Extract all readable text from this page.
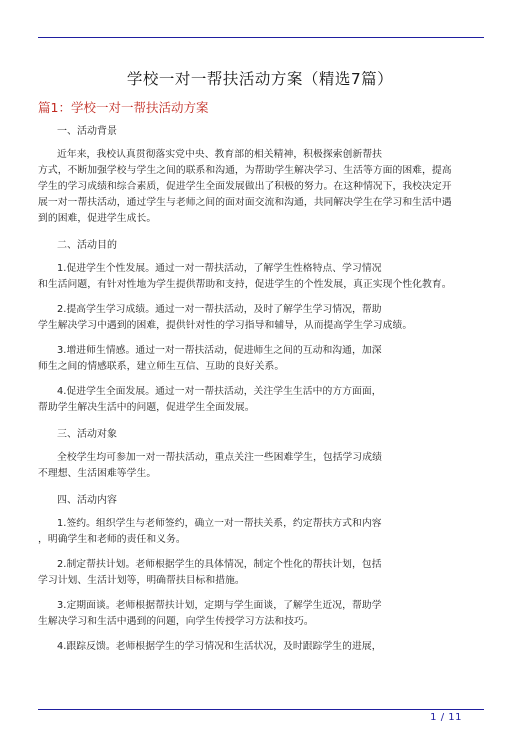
学校一对一帮扶活动方案（精选7篇）
篇1：学校一对一帮扶活动方案
一、活动背景
近年来，我校认真贯彻落实党中央、教育部的相关精神，积极探索创新帮扶
方式，不断加强学校与学生之间的联系和沟通，为帮助学生解决学习、生活等方面的困难，提高
学生的学习成绩和综合素质，促进学生全面发展做出了积极的努力。在这种情况下，我校决定开
展一对一帮扶活动，通过学生与老师之间的面对面交流和沟通，共同解决学生在学习和生活中遇
到的困难，促进学生成长。
二、活动目的
1.促进学生个性发展。通过一对一帮扶活动，了解学生性格特点、学习情况
和生活问题，有针对性地为学生提供帮助和支持，促进学生的个性发展，真正实现个性化教育。
2.提高学生学习成绩。通过一对一帮扶活动，及时了解学生学习情况，帮助
学生解决学习中遇到的困难，提供针对性的学习指导和辅导，从而提高学生学习成绩。
3.增进师生情感。通过一对一帮扶活动，促进师生之间的互动和沟通，加深
师生之间的情感联系，建立师生互信、互助的良好关系。
4.促进学生全面发展。通过一对一帮扶活动，关注学生生活中的方方面面，
帮助学生解决生活中的问题，促进学生全面发展。
三、活动对象
全校学生均可参加一对一帮扶活动，重点关注一些困难学生，包括学习成绩
不理想、生活困难等学生。
四、活动内容
1.签约。组织学生与老师签约，确立一对一帮扶关系，约定帮扶方式和内容
，明确学生和老师的责任和义务。
2.制定帮扶计划。老师根据学生的具体情况，制定个性化的帮扶计划，包括
学习计划、生活计划等，明确帮扶目标和措施。
3.定期面谈。老师根据帮扶计划，定期与学生面谈，了解学生近况，帮助学
生解决学习和生活中遇到的问题，向学生传授学习方法和技巧。
4.跟踪反馈。老师根据学生的学习情况和生活状况，及时跟踪学生的进展，
1 / 11
